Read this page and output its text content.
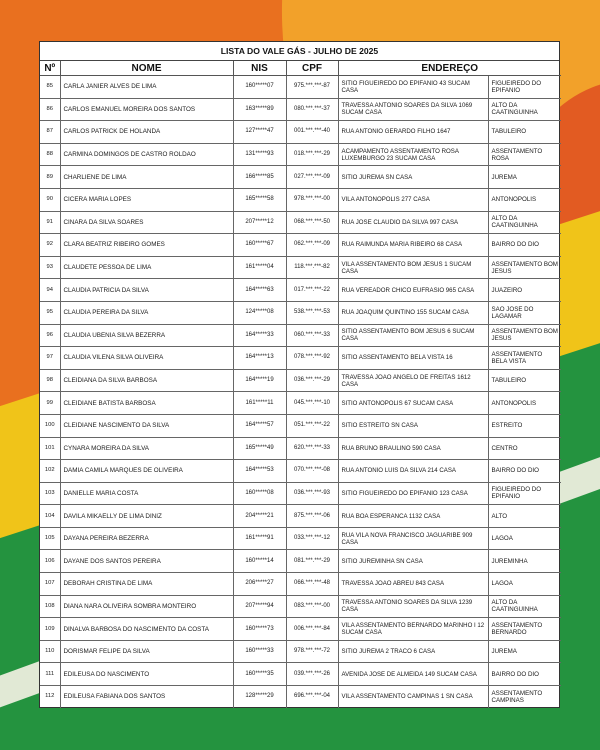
LISTA DO VALE GÁS - JULHO DE 2025
Nº	NOME	NIS	CPF	ENDEREÇO	
85	CARLA JANIER ALVES DE LIMA	160*****07	975.***.***-87	SITIO FIGUEIREDO DO EPIFANIO 43 SUCAM CASA	FIGUEIREDO DO EPIFANIO
86	CARLOS EMANUEL MOREIRA DOS SANTOS	163*****89	080.***.***-37	TRAVESSA ANTONIO SOARES DA SILVA 1069 SUCAM CASA	ALTO DA CAATINGUINHA
87	CARLOS PATRICK DE HOLANDA	127*****47	001.***.***-40	RUA ANTONIO GERARDO FILHO 1647	TABULEIRO
88	CARMINA DOMINGOS DE CASTRO ROLDAO	131*****93	018.***.***-29	ACAMPAMENTO ASSENTAMENTO ROSA LUXEMBURGO 23 SUCAM CASA	ASSENTAMENTO ROSA
89	CHARLIENE DE LIMA	166*****85	027.***.***-09	SITIO JUREMA SN CASA	JUREMA
90	CICERA MARIA LOPES	165*****58	978.***.***-00	VILA ANTONOPOLIS 277 CASA	ANTONOPOLIS
91	CINARA DA SILVA SOARES	207*****12	068.***.***-50	RUA JOSE CLAUDIO DA SILVA 997 CASA	ALTO DA CAATINGUINHA
92	CLARA BEATRIZ RIBEIRO GOMES	160*****67	062.***.***-09	RUA RAIMUNDA MARIA RIBEIRO 68 CASA	BAIRRO DO DIO
93	CLAUDETE PESSOA DE LIMA	161*****04	118.***.***-82	VILA ASSENTAMENTO BOM JESUS 1 SUCAM CASA	ASSENTAMENTO BOM JESUS
94	CLAUDIA PATRICIA DA SILVA	164*****63	017.***.***-22	RUA VEREADOR CHICO EUFRASIO 965 CASA	JUAZEIRO
95	CLAUDIA PEREIRA DA SILVA	124*****08	538.***.***-53	RUA JOAQUIM QUINTINO 155 SUCAM CASA	SAO JOSE DO LAGAMAR
96	CLAUDIA UBENIA SILVA BEZERRA	164*****33	060.***.***-33	SITIO ASSENTAMENTO BOM JESUS 6 SUCAM CASA	ASSENTAMENTO BOM JESUS
97	CLAUDIA VILENA SILVA OLIVEIRA	164*****13	078.***.***-92	SITIO ASSENTAMENTO BELA VISTA 16	ASSENTAMENTO BELA VISTA
98	CLEIDIANA DA SILVA BARBOSA	164*****19	036.***.***-29	TRAVESSA JOAO ANGELO DE FREITAS 1612 CASA	TABULEIRO
99	CLEIDIANE BATISTA BARBOSA	161*****11	045.***.***-10	SITIO ANTONOPOLIS 67 SUCAM CASA	ANTONOPOLIS
100	CLEIDIANE NASCIMENTO DA SILVA	164*****57	051.***.***-22	SITIO ESTREITO SN CASA	ESTREITO
101	CYNARA MOREIRA DA SILVA	165*****49	620.***.***-33	RUA BRUNO BRAULINO 590 CASA	CENTRO
102	DAMIA CAMILA MARQUES DE OLIVEIRA	164*****53	070.***.***-08	RUA ANTONIO LUIS DA SILVA 214 CASA	BAIRRO DO DIO
103	DANIELLE MARIA COSTA	160*****08	036.***.***-93	SITIO FIGUEIREDO DO EPIFANIO 123 CASA	FIGUEIREDO DO EPIFANIO
104	DAVILA MIKAELLY DE LIMA DINIZ	204*****21	875.***.***-06	RUA BOA ESPERANCA 1132 CASA	ALTO
105	DAYANA PEREIRA BEZERRA	161*****91	033.***.***-12	RUA VILA NOVA FRANCISCO JAGUARIBE 909 CASA	LAGOA
106	DAYANE DOS SANTOS PEREIRA	160*****14	081.***.***-29	SITIO JUREMINHA SN CASA	JUREMINHA
107	DEBORAH CRISTINA DE LIMA	206*****27	066.***.***-48	TRAVESSA JOAO ABREU 843 CASA	LAGOA
108	DIANA NARA OLIVEIRA SOMBRA MONTEIRO	207*****94	083.***.***-00	TRAVESSA ANTONIO SOARES DA SILVA 1239 CASA	ALTO DA CAATINGUINHA
109	DINALVA BARBOSA DO NASCIMENTO DA COSTA	160*****73	006.***.***-84	VILA ASSENTAMENTO BERNARDO MARINHO I 12 SUCAM CASA	ASSENTAMENTO BERNARDO
110	DORISMAR FELIPE DA SILVA	160*****33	978.***.***-72	SITIO JUREMA 2 TRACO 6 CASA	JUREMA
111	EDILEUSA DO NASCIMENTO	160*****35	039.***.***-26	AVENIDA JOSE DE ALMEIDA 149 SUCAM CASA	BAIRRO DO DIO
112	EDILEUSA FABIANA DOS SANTOS	128*****29	696.***.***-04	VILA ASSENTAMENTO CAMPINAS 1 SN CASA	ASSENTAMENTO CAMPINAS
